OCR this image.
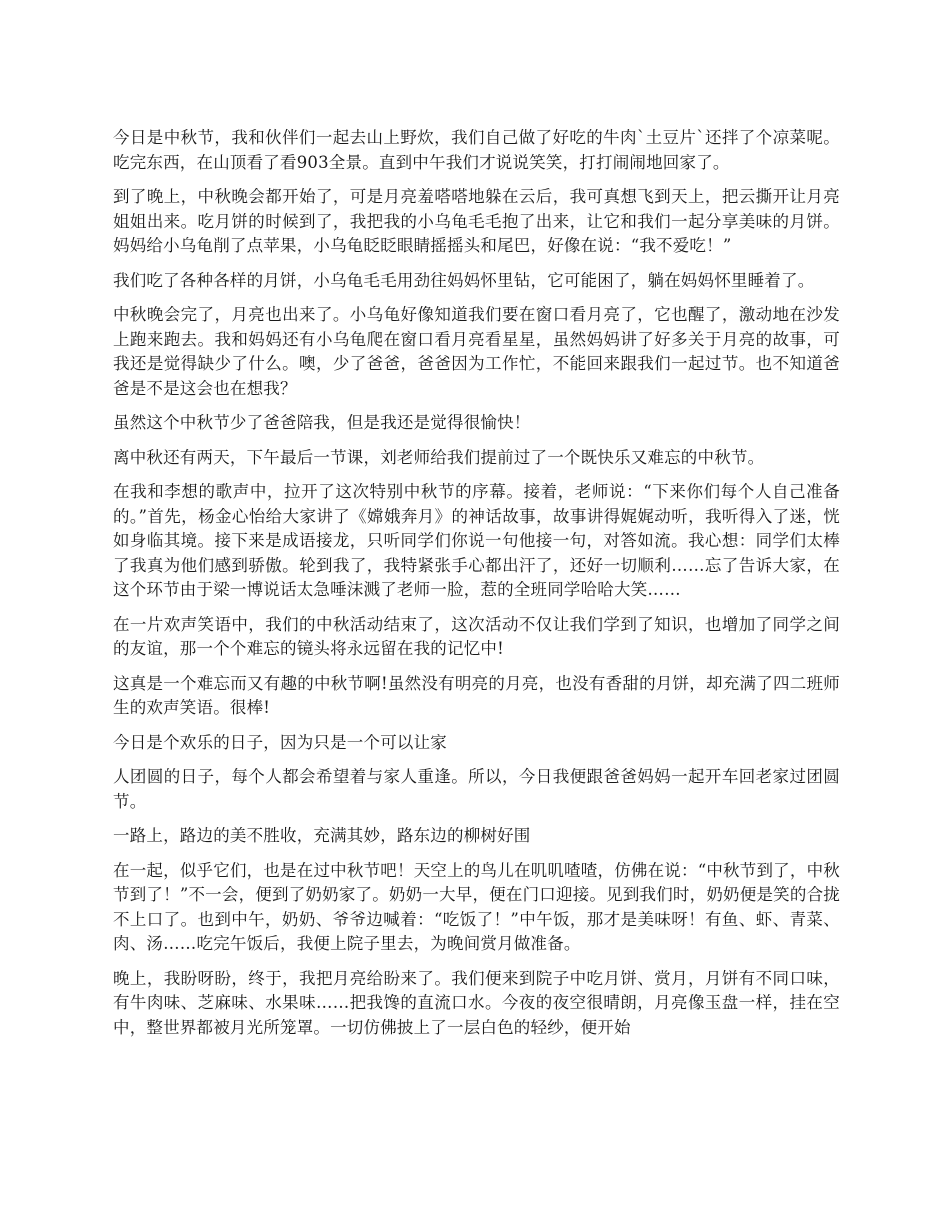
今日是中秋节，我和伙伴们一起去山上野炊，我们自己做了好吃的牛肉`土豆片`还拌了个凉菜呢。吃完东西，在山顶看了看903全景。直到中午我们才说说笑笑，打打闹闹地回家了。

到了晚上，中秋晚会都开始了，可是月亮羞嗒嗒地躲在云后，我可真想飞到天上，把云撕开让月亮姐姐出来。吃月饼的时候到了，我把我的小乌龟毛毛抱了出来，让它和我们一起分享美味的月饼。妈妈给小乌龟削了点苹果，小乌龟眨眨眼睛摇摇头和尾巴，好像在说：“我不爱吃！”

我们吃了各种各样的月饼，小乌龟毛毛用劲往妈妈怀里钻，它可能困了，躺在妈妈怀里睡着了。

中秋晚会完了，月亮也出来了。小乌龟好像知道我们要在窗口看月亮了，它也醒了，激动地在沙发上跑来跑去。我和妈妈还有小乌龟爬在窗口看月亮看星星，虽然妈妈讲了好多关于月亮的故事，可我还是觉得缺少了什么。噢，少了爸爸，爸爸因为工作忙，不能回来跟我们一起过节。也不知道爸爸是不是这会也在想我？

虽然这个中秋节少了爸爸陪我，但是我还是觉得很愉快！

离中秋还有两天，下午最后一节课，刘老师给我们提前过了一个既快乐又难忘的中秋节。

在我和李想的歌声中，拉开了这次特别中秋节的序幕。接着，老师说：“下来你们每个人自己准备的。”首先，杨金心怡给大家讲了《嫦娥奔月》的神话故事，故事讲得娓娓动听，我听得入了迷，恍如身临其境。接下来是成语接龙，只听同学们你说一句他接一句，对答如流。我心想：同学们太棒了我真为他们感到骄傲。轮到我了，我特紧张手心都出汗了，还好一切顺利……忘了告诉大家，在这个环节由于梁一博说话太急唾沫溅了老师一脸，惹的全班同学哈哈大笑……

在一片欢声笑语中，我们的中秋活动结束了，这次活动不仅让我们学到了知识，也增加了同学之间的友谊，那一个个难忘的镜头将永远留在我的记忆中!

这真是一个难忘而又有趣的中秋节啊!虽然没有明亮的月亮，也没有香甜的月饼，却充满了四二班师生的欢声笑语。很棒!

今日是个欢乐的日子，因为只是一个可以让家

人团圆的日子，每个人都会希望着与家人重逢。所以，今日我便跟爸爸妈妈一起开车回老家过团圆节。

一路上，路边的美不胜收，充满其妙，路东边的柳树好围

在一起，似乎它们，也是在过中秋节吧！天空上的鸟儿在叽叽喳喳，仿佛在说：“中秋节到了，中秋节到了！”不一会，便到了奶奶家了。奶奶一大早，便在门口迎接。见到我们时，奶奶便是笑的合拢不上口了。也到中午，奶奶、爷爷边喊着：“吃饭了！”中午饭，那才是美味呀！有鱼、虾、青菜、肉、汤……吃完午饭后，我便上院子里去，为晚间赏月做准备。

晚上，我盼呀盼，终于，我把月亮给盼来了。我们便来到院子中吃月饼、赏月，月饼有不同口味，有牛肉味、芝麻味、水果味……把我馋的直流口水。今夜的夜空很晴朗，月亮像玉盘一样，挂在空中，整世界都被月光所笼罩。一切仿佛披上了一层白色的轻纱，便开始
